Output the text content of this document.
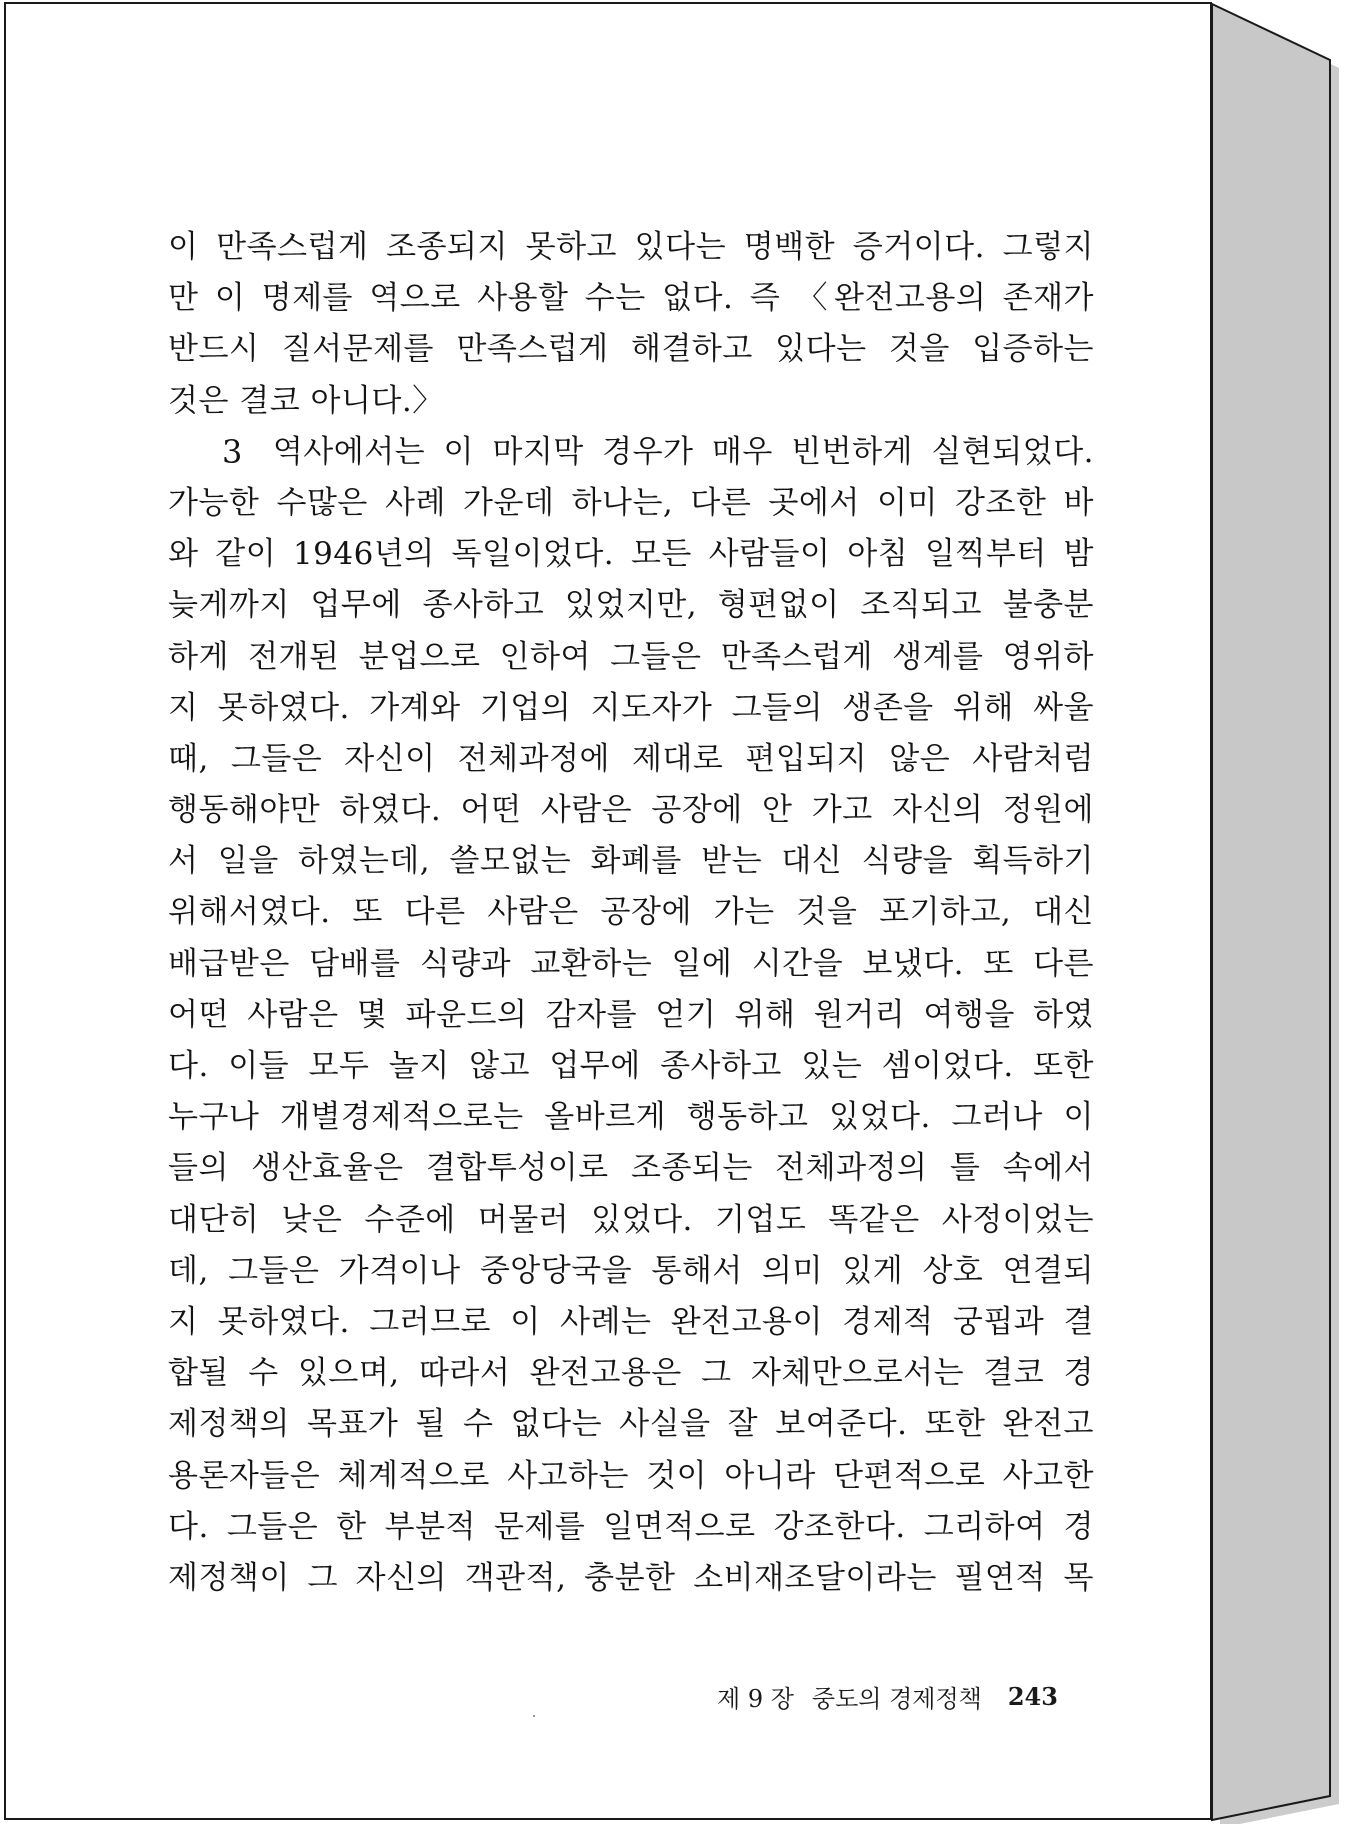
이 만족스럽게 조종되지 못하고 있다는 명백한 증거이다. 그렇지
만 이 명제를 역으로 사용할 수는 없다. 즉 〈완전고용의 존재가
반드시 질서문제를 만족스럽게 해결하고 있다는 것을 입증하는
것은 결코 아니다.〉
3 역사에서는 이 마지막 경우가 매우 빈번하게 실현되었다.
가능한 수많은 사례 가운데 하나는, 다른 곳에서 이미 강조한 바
와 같이 1946년의 독일이었다. 모든 사람들이 아침 일찍부터 밤
늦게까지 업무에 종사하고 있었지만, 형편없이 조직되고 불충분
하게 전개된 분업으로 인하여 그들은 만족스럽게 생계를 영위하
지 못하였다. 가계와 기업의 지도자가 그들의 생존을 위해 싸울
때, 그들은 자신이 전체과정에 제대로 편입되지 않은 사람처럼
행동해야만 하였다. 어떤 사람은 공장에 안 가고 자신의 정원에
서 일을 하였는데, 쓸모없는 화폐를 받는 대신 식량을 획득하기
위해서였다. 또 다른 사람은 공장에 가는 것을 포기하고, 대신
배급받은 담배를 식량과 교환하는 일에 시간을 보냈다. 또 다른
어떤 사람은 몇 파운드의 감자를 얻기 위해 원거리 여행을 하였
다. 이들 모두 놀지 않고 업무에 종사하고 있는 셈이었다. 또한
누구나 개별경제적으로는 올바르게 행동하고 있었다. 그러나 이
들의 생산효율은 결합투성이로 조종되는 전체과정의 틀 속에서
대단히 낮은 수준에 머물러 있었다. 기업도 똑같은 사정이었는
데, 그들은 가격이나 중앙당국을 통해서 의미 있게 상호 연결되
지 못하였다. 그러므로 이 사례는 완전고용이 경제적 궁핍과 결
합될 수 있으며, 따라서 완전고용은 그 자체만으로서는 결코 경
제정책의 목표가 될 수 없다는 사실을 잘 보여준다. 또한 완전고
용론자들은 체계적으로 사고하는 것이 아니라 단편적으로 사고한
다. 그들은 한 부분적 문제를 일면적으로 강조한다. 그리하여 경
제정책이 그 자신의 객관적, 충분한 소비재조달이라는 필연적 목
제 9 장 중도의 경제정책 243
